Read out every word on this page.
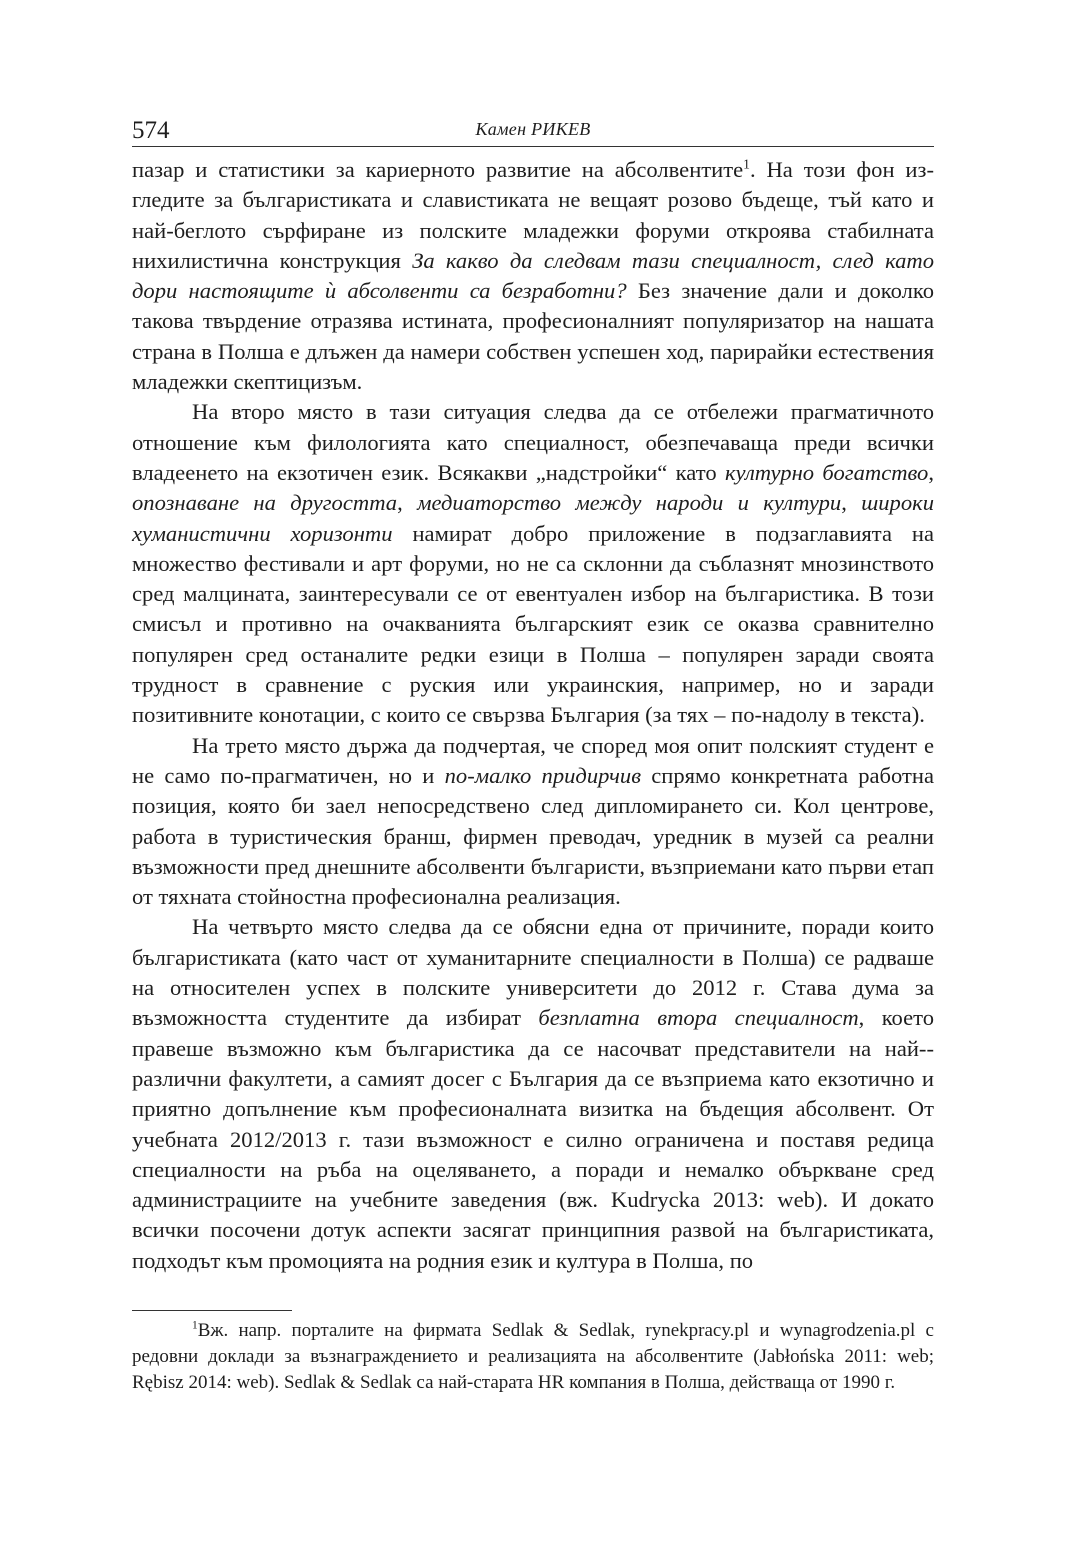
574	Камен РИКЕВ

пазар и статистики за кариерното развитие на абсолвентите$^1$. На този фон изгледите за българистиката и славистиката не вещаят розово бъдеще, тъй като и най-беглото сърфиране из полските младежки форуми откроява стабилната нихилистична конструкция За какво да следвам тази специалност, след като дори настоящите ѝ абсолвенти са безработни? Без значение дали и доколко такова твърдение отразява истината, професионалният популяризатор на нашата страна в Полша е длъжен да намери собствен успешен ход, парирайки естествения младежки скептицизъм.

На второ място в тази ситуация следва да се отбележи прагматичното отношение към филологията като специалност, обезпечаваща преди всички владеенето на екзотичен език. Всякакви „надстройки“ като културно богатство, опознаване на другостта, медиаторство между народи и култури, широки хуманистични хоризонти намират добро приложение в подзаглавията на множество фестивали и арт форуми, но не са склонни да съблазнят мнозинството сред малцината, заинтересували се от евентуален избор на българистика. В този смисъл и противно на очакванията българският език се оказва сравнително популярен сред останалите редки езици в Полша – популярен заради своята трудност в сравнение с руския или украинския, например, но и заради позитивните конотации, с които се свързва България (за тях – по-надолу в текста).

На трето място държа да подчертая, че според моя опит полският студент е не само по-прагматичен, но и по-малко придирчив спрямо конкретната работна позиция, която би заел непосредствено след дипломирането си. Кол центрове, работа в туристическия бранш, фирмен преводач, уредник в музей са реални възможности пред днешните абсолвенти българисти, възприемани като първи етап от тяхната стойностна професионална реализация.

На четвърто място следва да се обясни една от причините, поради които българистиката (като част от хуманитарните специалности в Полша) се радваше на относителен успех в полските университети до 2012 г. Става дума за възможността студентите да избират безплатна втора специалност, което правеше възможно към българистика да се насочват представители на най-различни факултети, а самият досег с България да се възприема като екзотично и приятно допълнение към професионалната визитка на бъдещия абсолвент. От учебната 2012/2013 г. тази възможност е силно ограничена и поставя редица специалности на ръба на оцеляването, а поради и немалко объркване сред администрациите на учебните заведения (вж. Kudrycka 2013: web). И докато всички посочени дотук аспекти засягат принципния развой на българистиката, подходът към промоцията на родния език и култура в Полша, по

$^1$Вж. напр. порталите на фирмата Sedlak & Sedlak, rynekpracy.pl и wynagrodzenia.pl с редовни доклади за възнаграждението и реализацията на абсолвентите (Jabłońska 2011: web; Rębisz 2014: web). Sedlak & Sedlak са най-старата HR компания в Полша, действаща от 1990 г.
